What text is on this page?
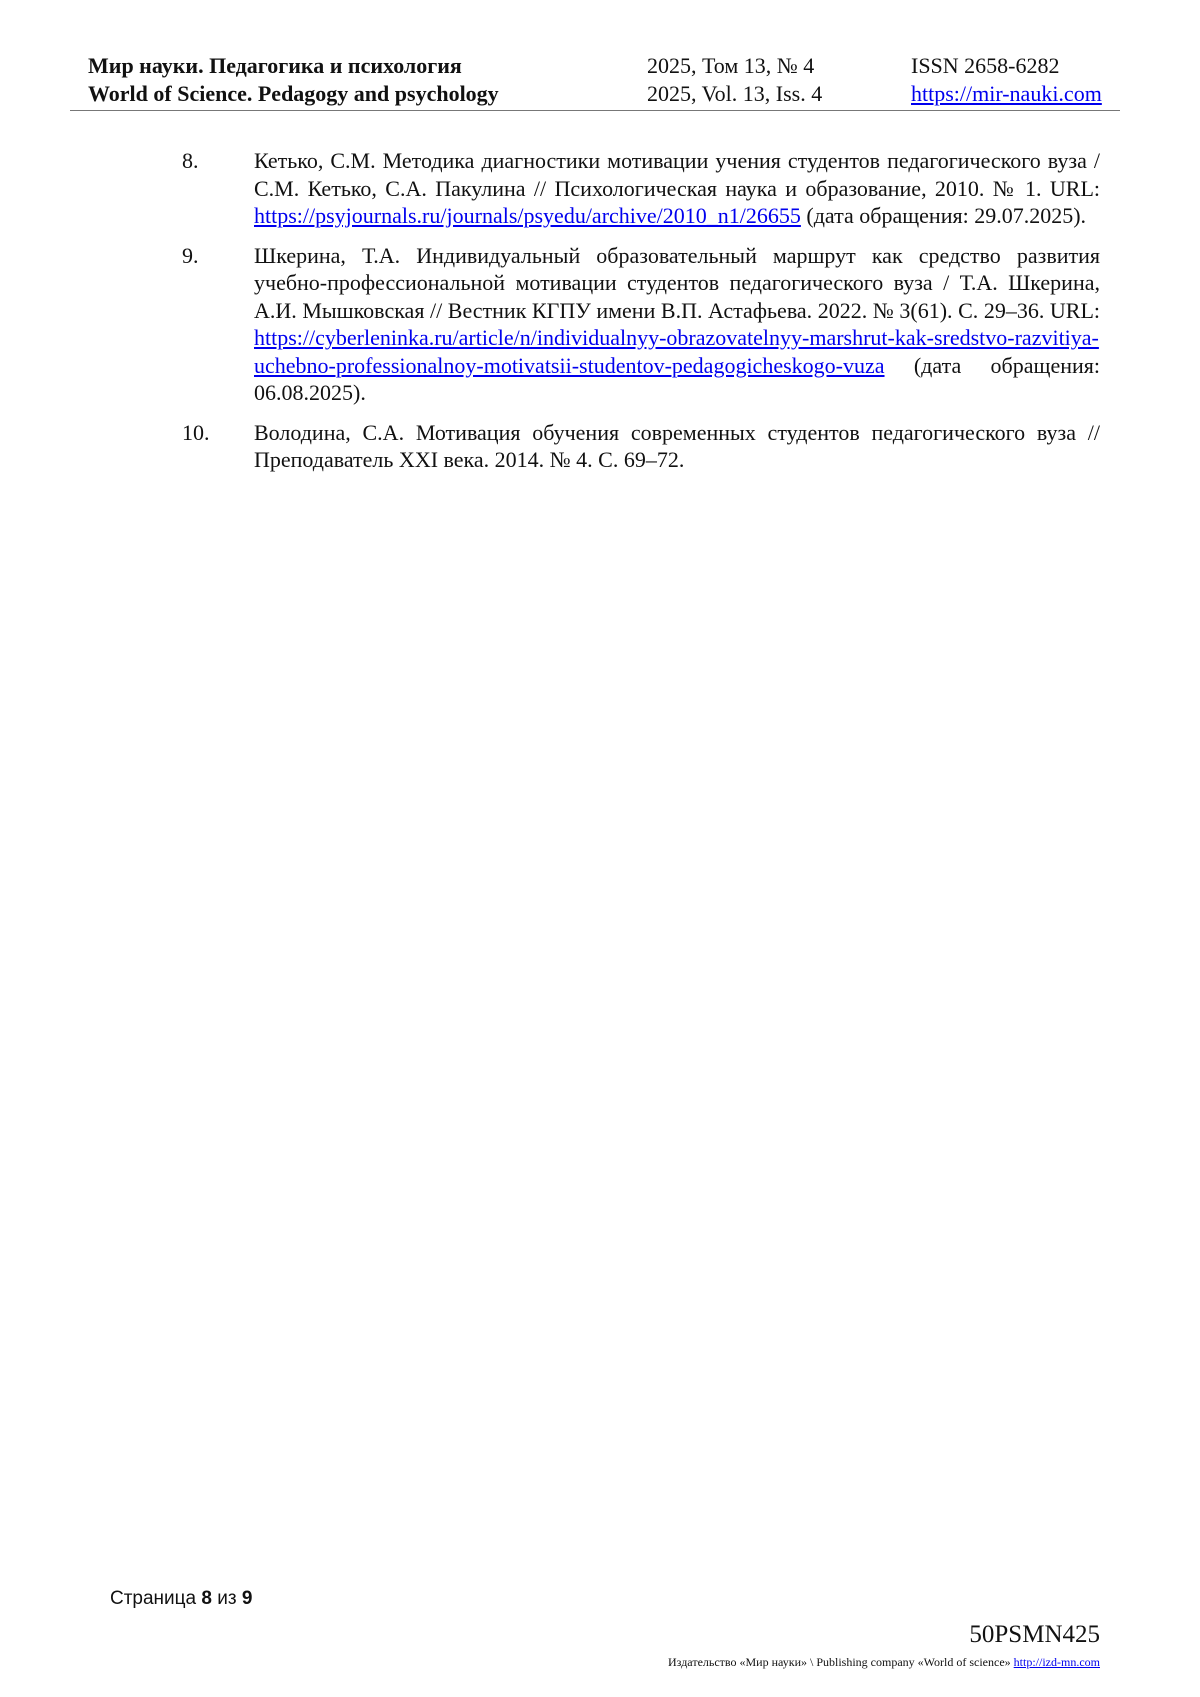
Мир науки. Педагогика и психология
World of Science. Pedagogy and psychology
2025, Том 13, № 4
2025, Vol. 13, Iss. 4
ISSN 2658-6282
https://mir-nauki.com
8.	Кетько, С.М. Методика диагностики мотивации учения студентов педагогического вуза / С.М. Кетько, С.А. Пакулина // Психологическая наука и образование, 2010. № 1. URL: https://psyjournals.ru/journals/psyedu/archive/2010_n1/26655 (дата обращения: 29.07.2025).
9.	Шкерина, Т.А. Индивидуальный образовательный маршрут как средство развития учебно-профессиональной мотивации студентов педагогического вуза / Т.А. Шкерина, А.И. Мышковская // Вестник КГПУ имени В.П. Астафьева. 2022. № 3(61). С. 29–36. URL: https://cyberleninka.ru/article/n/individualnyy-obrazovatelnyy-marshrut-kak-sredstvo-razvitiya-uchebno-professionalnoy-motivatsii-studentov-pedagogicheskogo-vuza (дата обращения: 06.08.2025).
10. Володина, С.А. Мотивация обучения современных студентов педагогического вуза // Преподаватель XXI века. 2014. № 4. С. 69–72.
Страница 8 из 9
50PSMN425
Издательство «Мир науки» \ Publishing company «World of science» http://izd-mn.com
